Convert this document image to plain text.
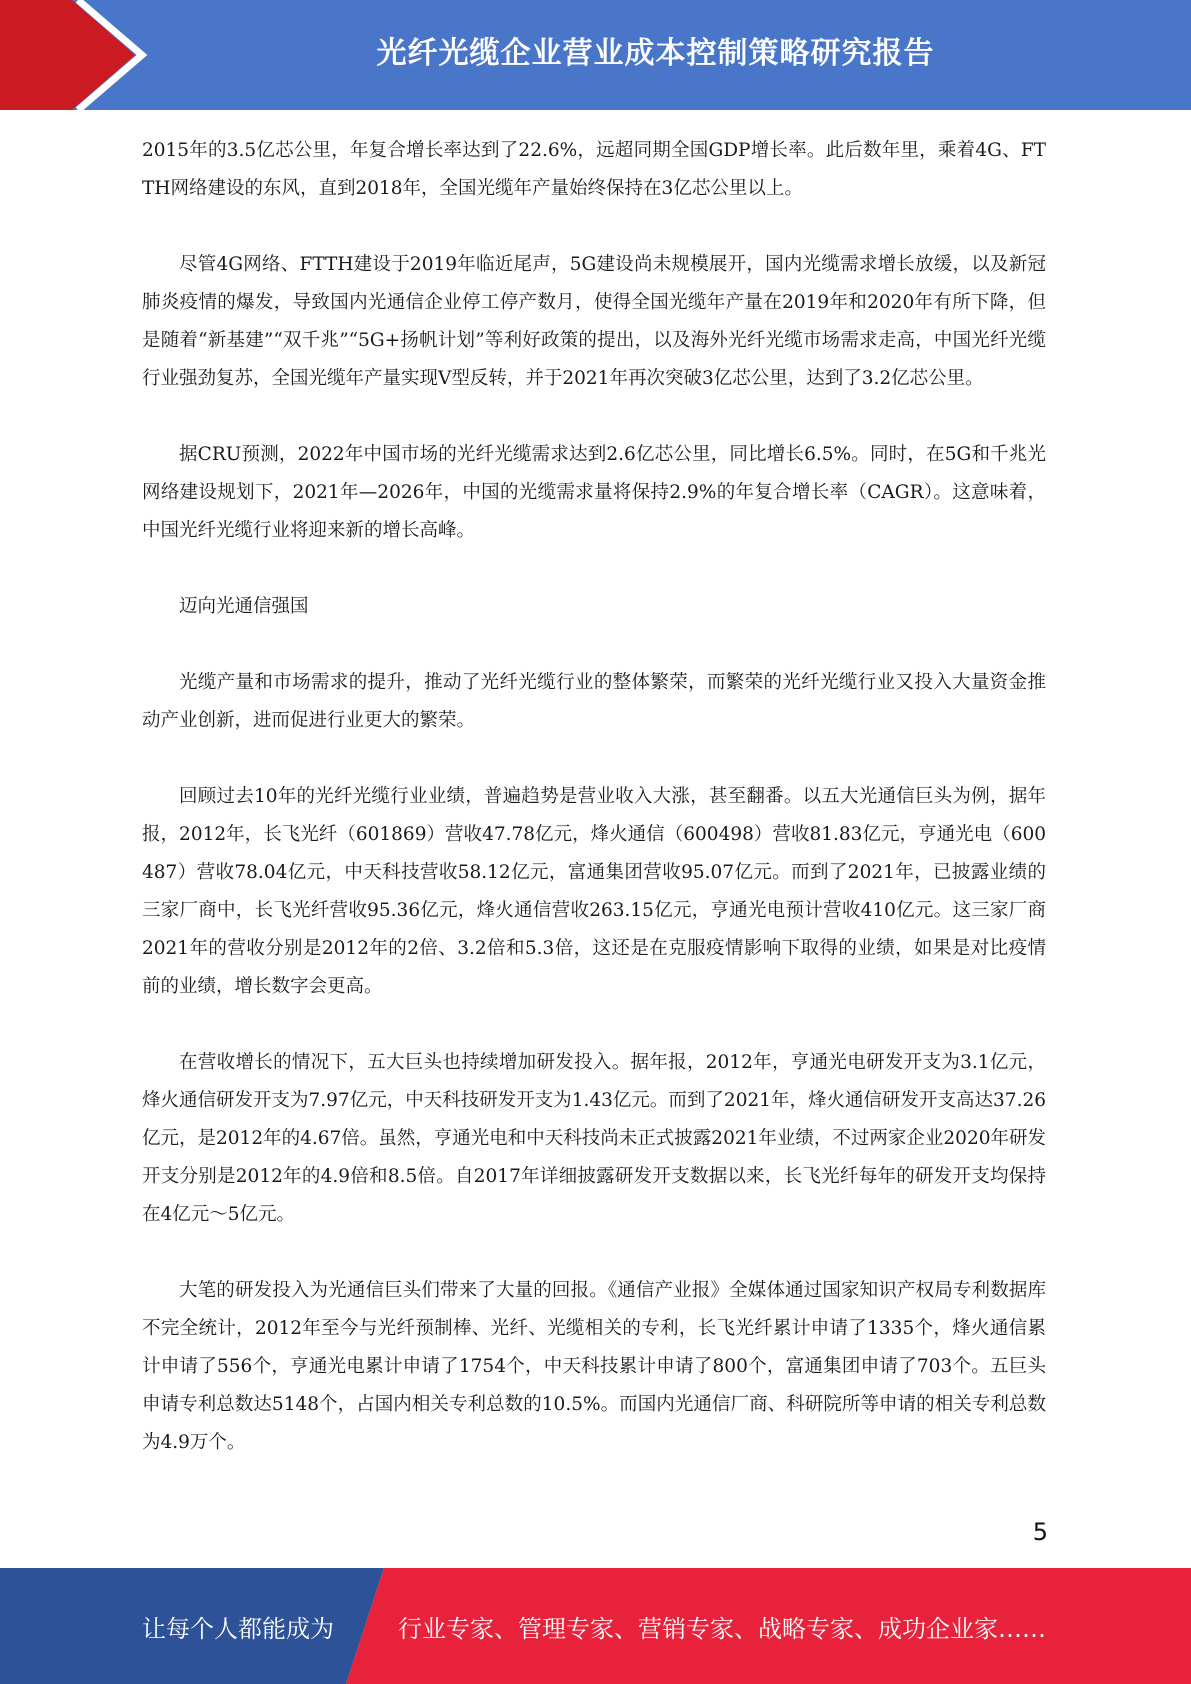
光纤光缆企业营业成本控制策略研究报告

2015年的3.5亿芯公里，年复合增长率达到了22.6%，远超同期全国GDP增长率。此后数年里，乘着4G、FTTH网络建设的东风，直到2018年，全国光缆年产量始终保持在3亿芯公里以上。

尽管4G网络、FTTH建设于2019年临近尾声，5G建设尚未规模展开，国内光缆需求增长放缓，以及新冠肺炎疫情的爆发，导致国内光通信企业停工停产数月，使得全国光缆年产量在2019年和2020年有所下降，但是随着“新基建”“双千兆”“5G+扬帆计划”等利好政策的提出，以及海外光纤光缆市场需求走高，中国光纤光缆行业强劲复苏，全国光缆年产量实现V型反转，并于2021年再次突破3亿芯公里，达到了3.2亿芯公里。

据CRU预测，2022年中国市场的光纤光缆需求达到2.6亿芯公里，同比增长6.5%。同时，在5G和千兆光网络建设规划下，2021年—2026年，中国的光缆需求量将保持2.9%的年复合增长率（CAGR）。这意味着，中国光纤光缆行业将迎来新的增长高峰。

迈向光通信强国

光缆产量和市场需求的提升，推动了光纤光缆行业的整体繁荣，而繁荣的光纤光缆行业又投入大量资金推动产业创新，进而促进行业更大的繁荣。

回顾过去10年的光纤光缆行业业绩，普遍趋势是营业收入大涨，甚至翻番。以五大光通信巨头为例，据年报，2012年，长飞光纤（601869）营收47.78亿元，烽火通信（600498）营收81.83亿元，亨通光电（600487）营收78.04亿元，中天科技营收58.12亿元，富通集团营收95.07亿元。而到了2021年，已披露业绩的三家厂商中，长飞光纤营收95.36亿元，烽火通信营收263.15亿元，亨通光电预计营收410亿元。这三家厂商2021年的营收分别是2012年的2倍、3.2倍和5.3倍，这还是在克服疫情影响下取得的业绩，如果是对比疫情前的业绩，增长数字会更高。

在营收增长的情况下，五大巨头也持续增加研发投入。据年报，2012年，亨通光电研发开支为3.1亿元，烽火通信研发开支为7.97亿元，中天科技研发开支为1.43亿元。而到了2021年，烽火通信研发开支高达37.26亿元，是2012年的4.67倍。虽然，亨通光电和中天科技尚未正式披露2021年业绩，不过两家企业2020年研发开支分别是2012年的4.9倍和8.5倍。自2017年详细披露研发开支数据以来，长飞光纤每年的研发开支均保持在4亿元～5亿元。

大笔的研发投入为光通信巨头们带来了大量的回报。《通信产业报》全媒体通过国家知识产权局专利数据库不完全统计，2012年至今与光纤预制棒、光纤、光缆相关的专利，长飞光纤累计申请了1335个，烽火通信累计申请了556个，亨通光电累计申请了1754个，中天科技累计申请了800个，富通集团申请了703个。五巨头申请专利总数达5148个，占国内相关专利总数的10.5%。而国内光通信厂商、科研院所等申请的相关专利总数为4.9万个。

5
让每个人都能成为	行业专家、管理专家、营销专家、战略专家、成功企业家……
